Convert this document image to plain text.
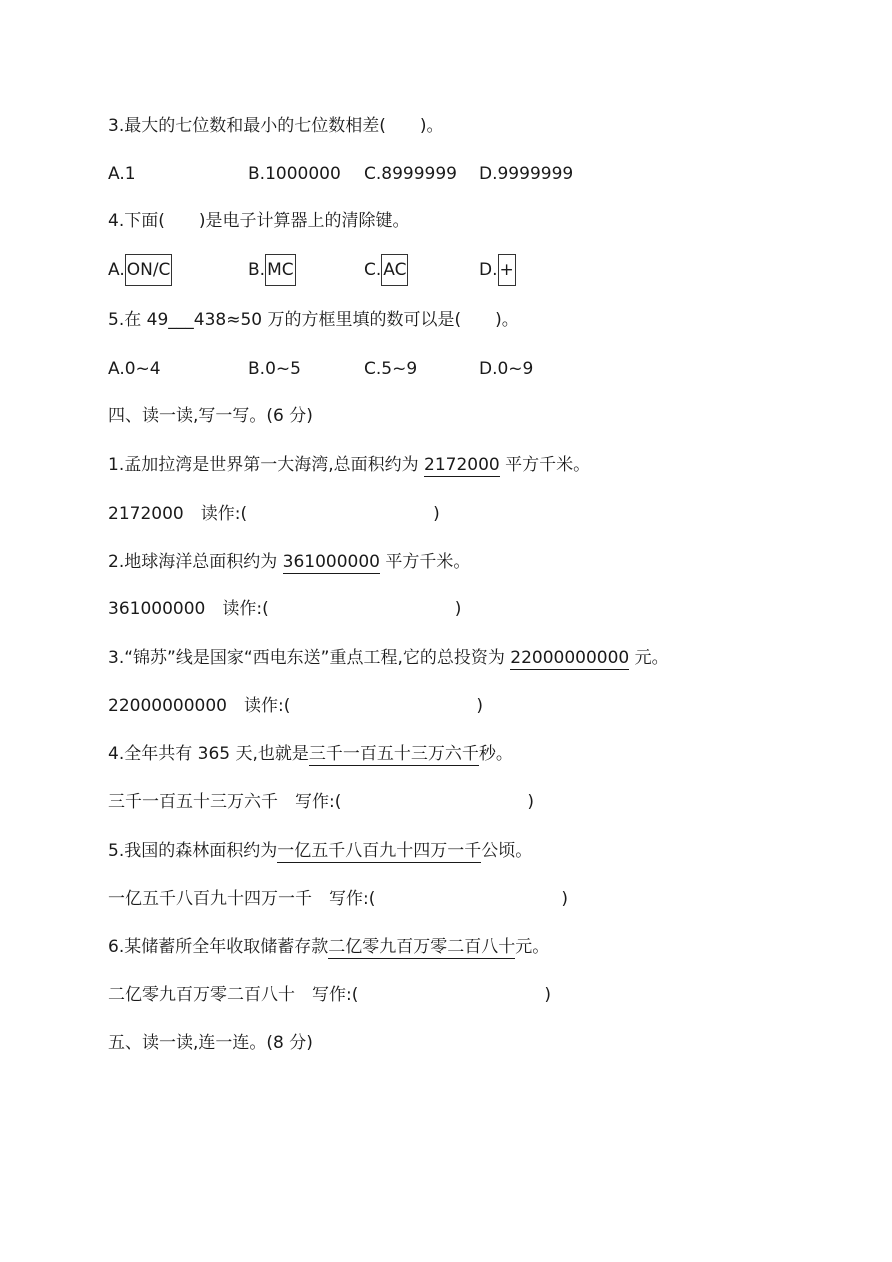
3.最大的七位数和最小的七位数相差(　　)。
A.1	B.1000000 C.8999999 D.9999999
4.下面(　　)是电子计算器上的清除键。
A. ON/C	B. MC	C. AC	D. +
5.在 49___438≈50 万的方框里填的数可以是(　　)。
A.0~4	B.0~5	C.5~9	D.0~9
四、读一读,写一写。(6 分)
1.孟加拉湾是世界第一大海湾,总面积约为 2172000 平方千米。
2172000　读作:(	)
2.地球海洋总面积约为 361000000 平方千米。
361000000　读作:(	)
3.“锦苏”线是国家“西电东送”重点工程,它的总投资为 22000000000 元。
22000000000　读作:(	)
4.全年共有 365 天,也就是三千一百五十三万六千秒。
三千一百五十三万六千　写作:(	)
5.我国的森林面积约为一亿五千八百九十四万一千公顷。
一亿五千八百九十四万一千　写作:(	)
6.某储蓄所全年收取储蓄存款二亿零九百万零二百八十元。
二亿零九百万零二百八十　写作:(	)
五、读一读,连一连。(8 分)
